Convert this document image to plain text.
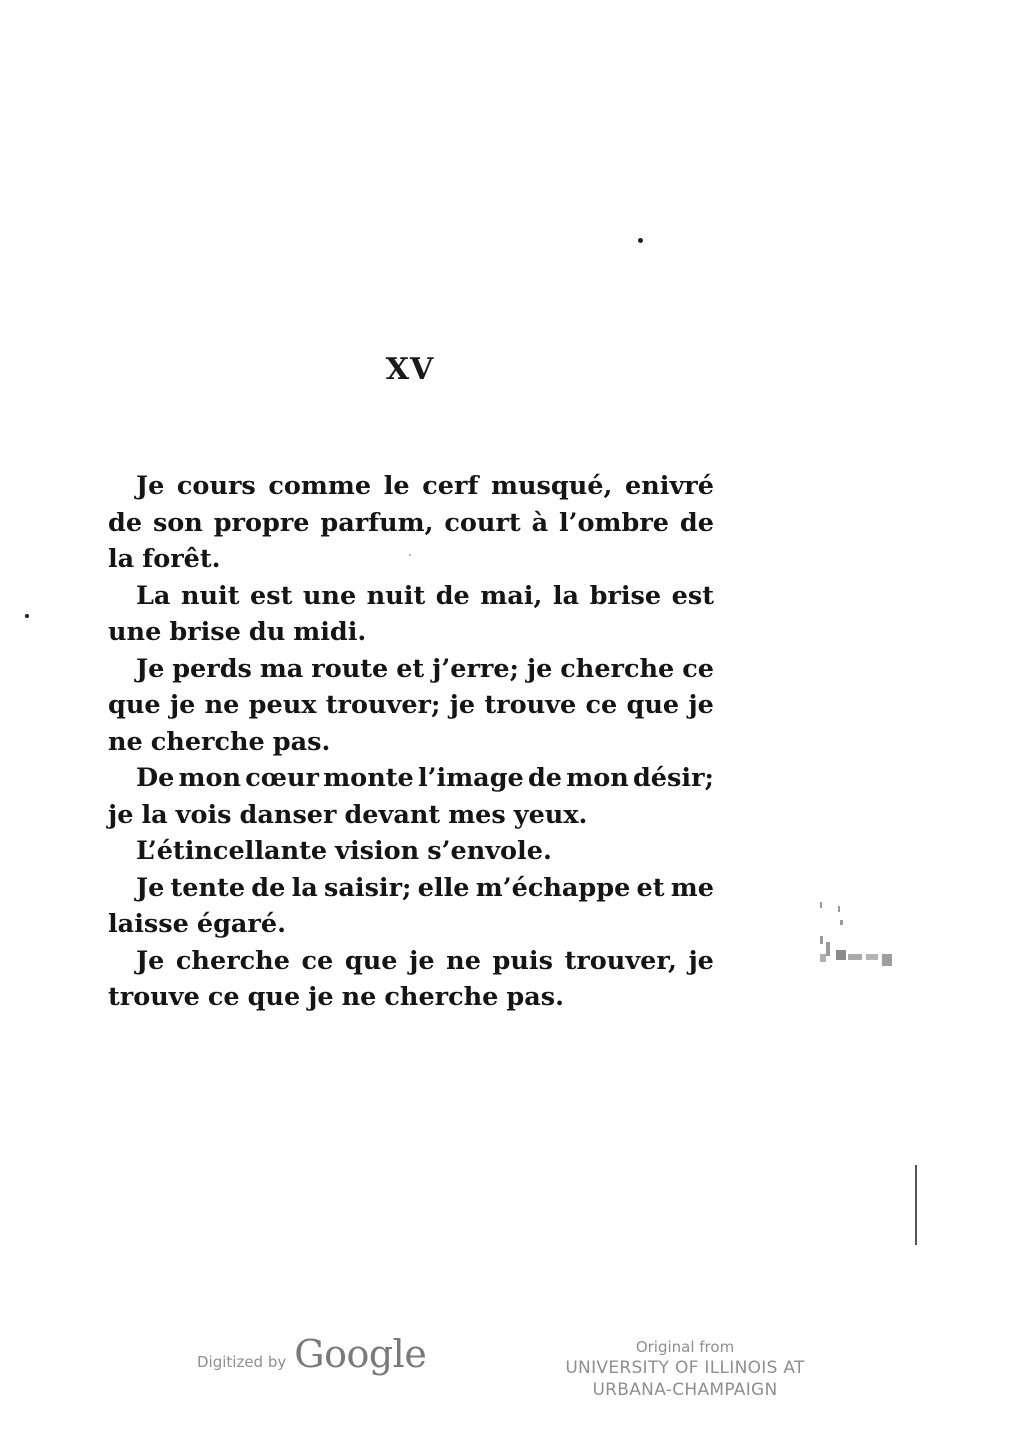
XV
Je cours comme le cerf musqué, enivré
de son propre parfum, court à l’ombre de
la forêt.
La nuit est une nuit de mai, la brise est
une brise du midi.
Je perds ma route et j’erre; je cherche ce
que je ne peux trouver; je trouve ce que je
ne cherche pas.
De mon cœur monte l’image de mon désir;
je la vois danser devant mes yeux.
L’étincellante vision s’envole.
Je tente de la saisir; elle m’échappe et me
laisse égaré.
Je cherche ce que je ne puis trouver, je
trouve ce que je ne cherche pas.
Digitized by Google	Original from
UNIVERSITY OF ILLINOIS AT
URBANA-CHAMPAIGN
